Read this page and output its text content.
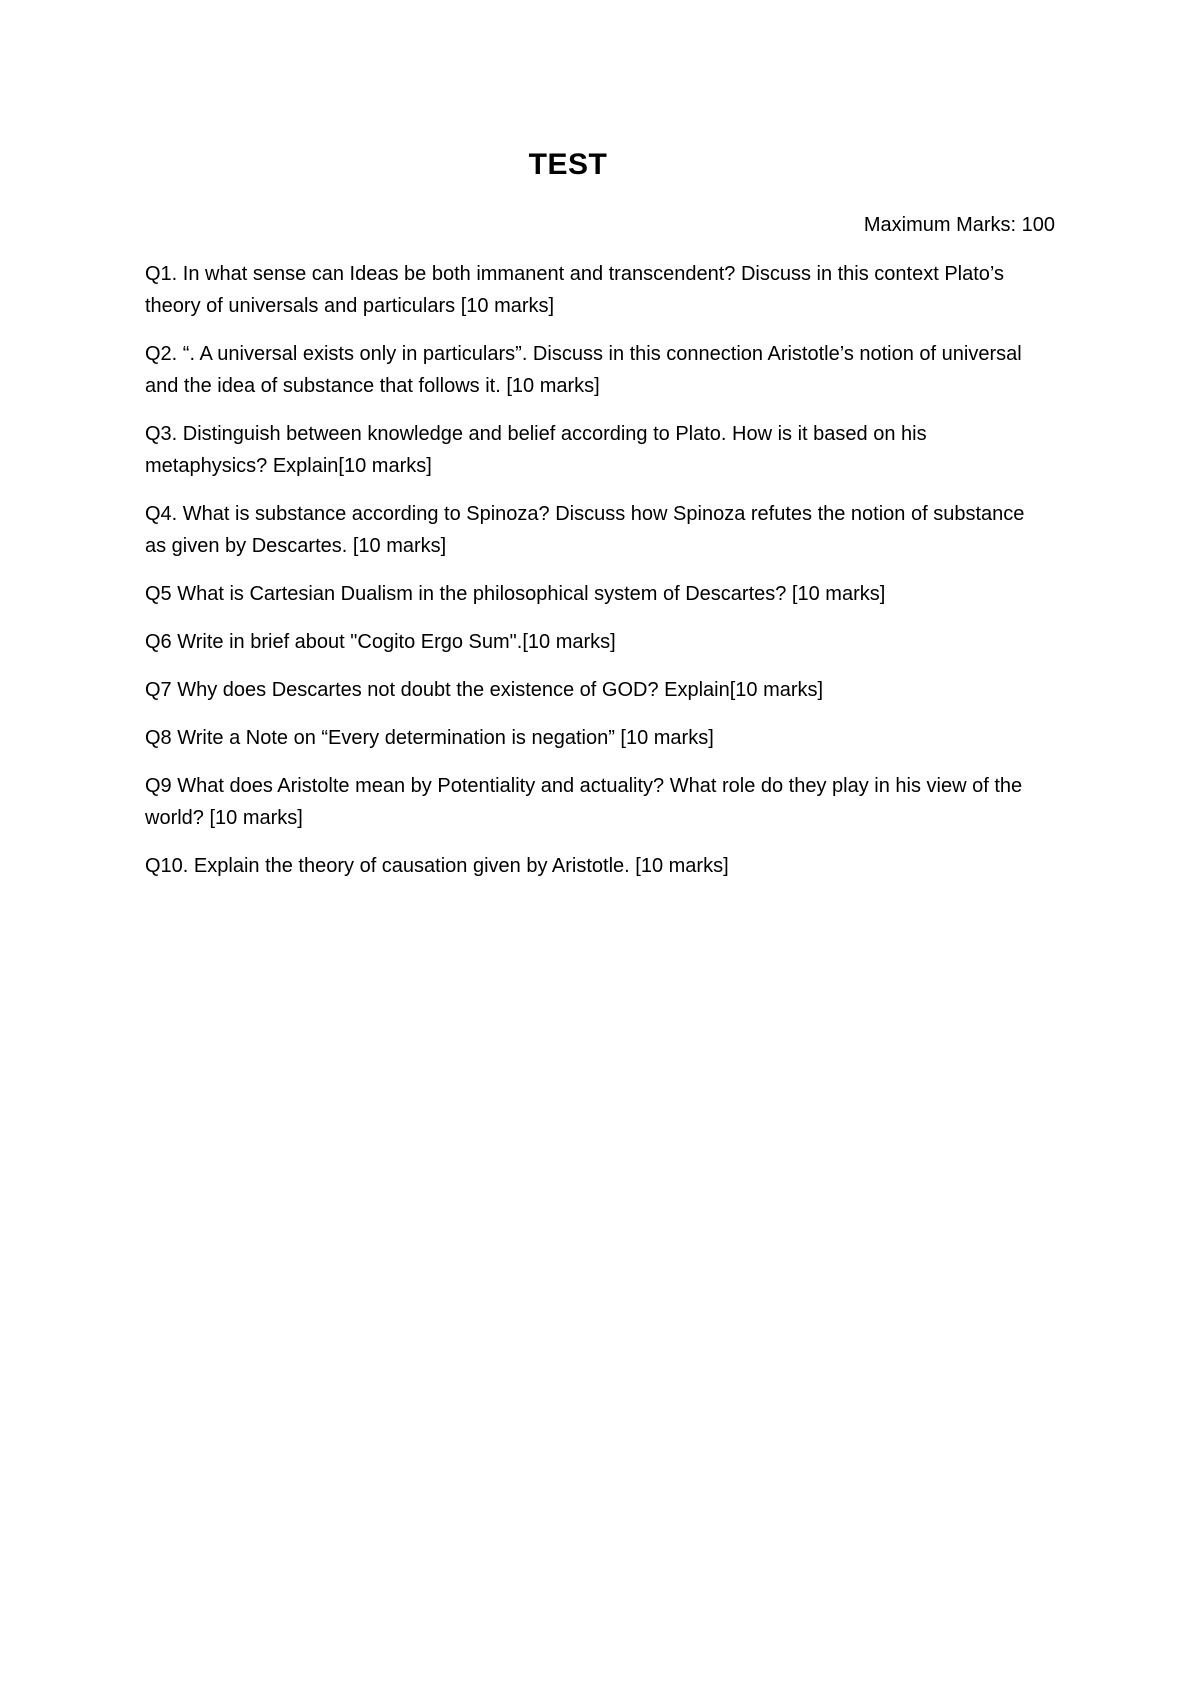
TEST
Maximum Marks: 100
Q1. In what sense can Ideas be both immanent and transcendent? Discuss in this context Plato’s theory of universals and particulars [10 marks]
Q2. “. A universal exists only in particulars”. Discuss in this connection Aristotle’s notion of universal and the idea of substance that follows it. [10 marks]
Q3. Distinguish between knowledge and belief according to Plato. How is it based on his metaphysics? Explain[10 marks]
Q4. What is substance according to Spinoza? Discuss how Spinoza refutes the notion of substance as given by Descartes. [10 marks]
Q5 What is Cartesian Dualism in the philosophical system of Descartes? [10 marks]
Q6 Write in brief about "Cogito Ergo Sum".[10 marks]
Q7 Why does Descartes not doubt the existence of GOD? Explain[10 marks]
Q8 Write a Note on “Every determination is negation” [10 marks]
Q9 What does Aristolte mean by Potentiality and actuality? What role do they play in his view of the world? [10 marks]
Q10. Explain the theory of causation given by Aristotle. [10 marks]
